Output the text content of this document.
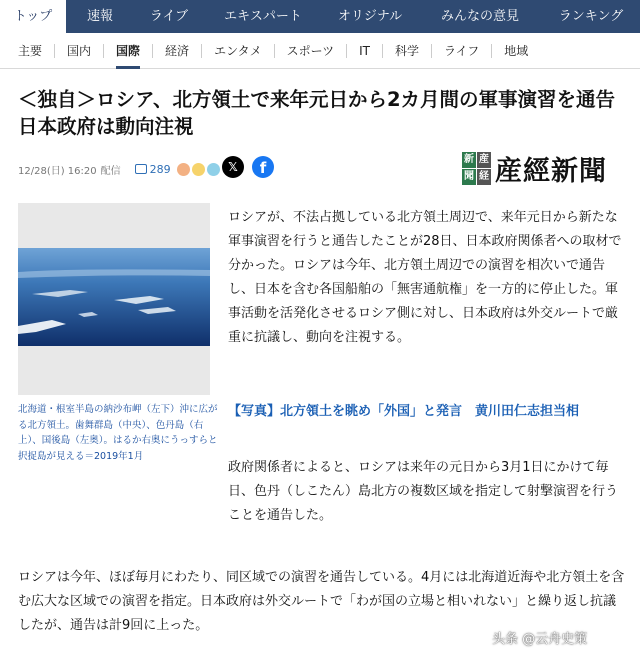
トップ	速報	ライブ	エキスパート	オリジナル	みんなの意見	ランキング
主要	国内	国際	経済	エンタメ	スポーツ	IT	科学	ライフ	地域
＜独自＞ロシア、北方領土で来年元日から2カ月間の軍事演習を通告　日本政府は動向注視
12/28(日) 16:20 配信	289	𝕏	f	新 産
聞 経 産經新聞

北海道・根室半島の納沙布岬（左下）沖に広がる北方領土。歯舞群島（中央）、色丹島（右上）、国後島（左奥）。はるか右奥にうっすらと択捉島が見える＝2019年1月

ロシアが、不法占拠している北方領土周辺で、来年元日から新たな軍事演習を行うと通告したことが28日、日本政府関係者への取材で分かった。ロシアは今年、北方領土周辺での演習を相次いで通告し、日本を含む各国船舶の「無害通航権」を一方的に停止した。軍事活動を活発化させるロシア側に対し、日本政府は外交ルートで厳重に抗議し、動向を注視する。

【写真】北方領土を眺め「外国」と発言　黄川田仁志担当相

政府関係者によると、ロシアは来年の元日から3月1日にかけて毎日、色丹（しこたん）島北方の複数区域を指定して射撃演習を行うことを通告した。

ロシアは今年、ほぼ毎月にわたり、同区域での演習を通告している。4月には北海道近海や北方領土を含む広大な区域での演習を指定。日本政府は外交ルートで「わが国の立場と相いれない」と繰り返し抗議したが、通告は計9回に上った。

头条 @云舟史策
